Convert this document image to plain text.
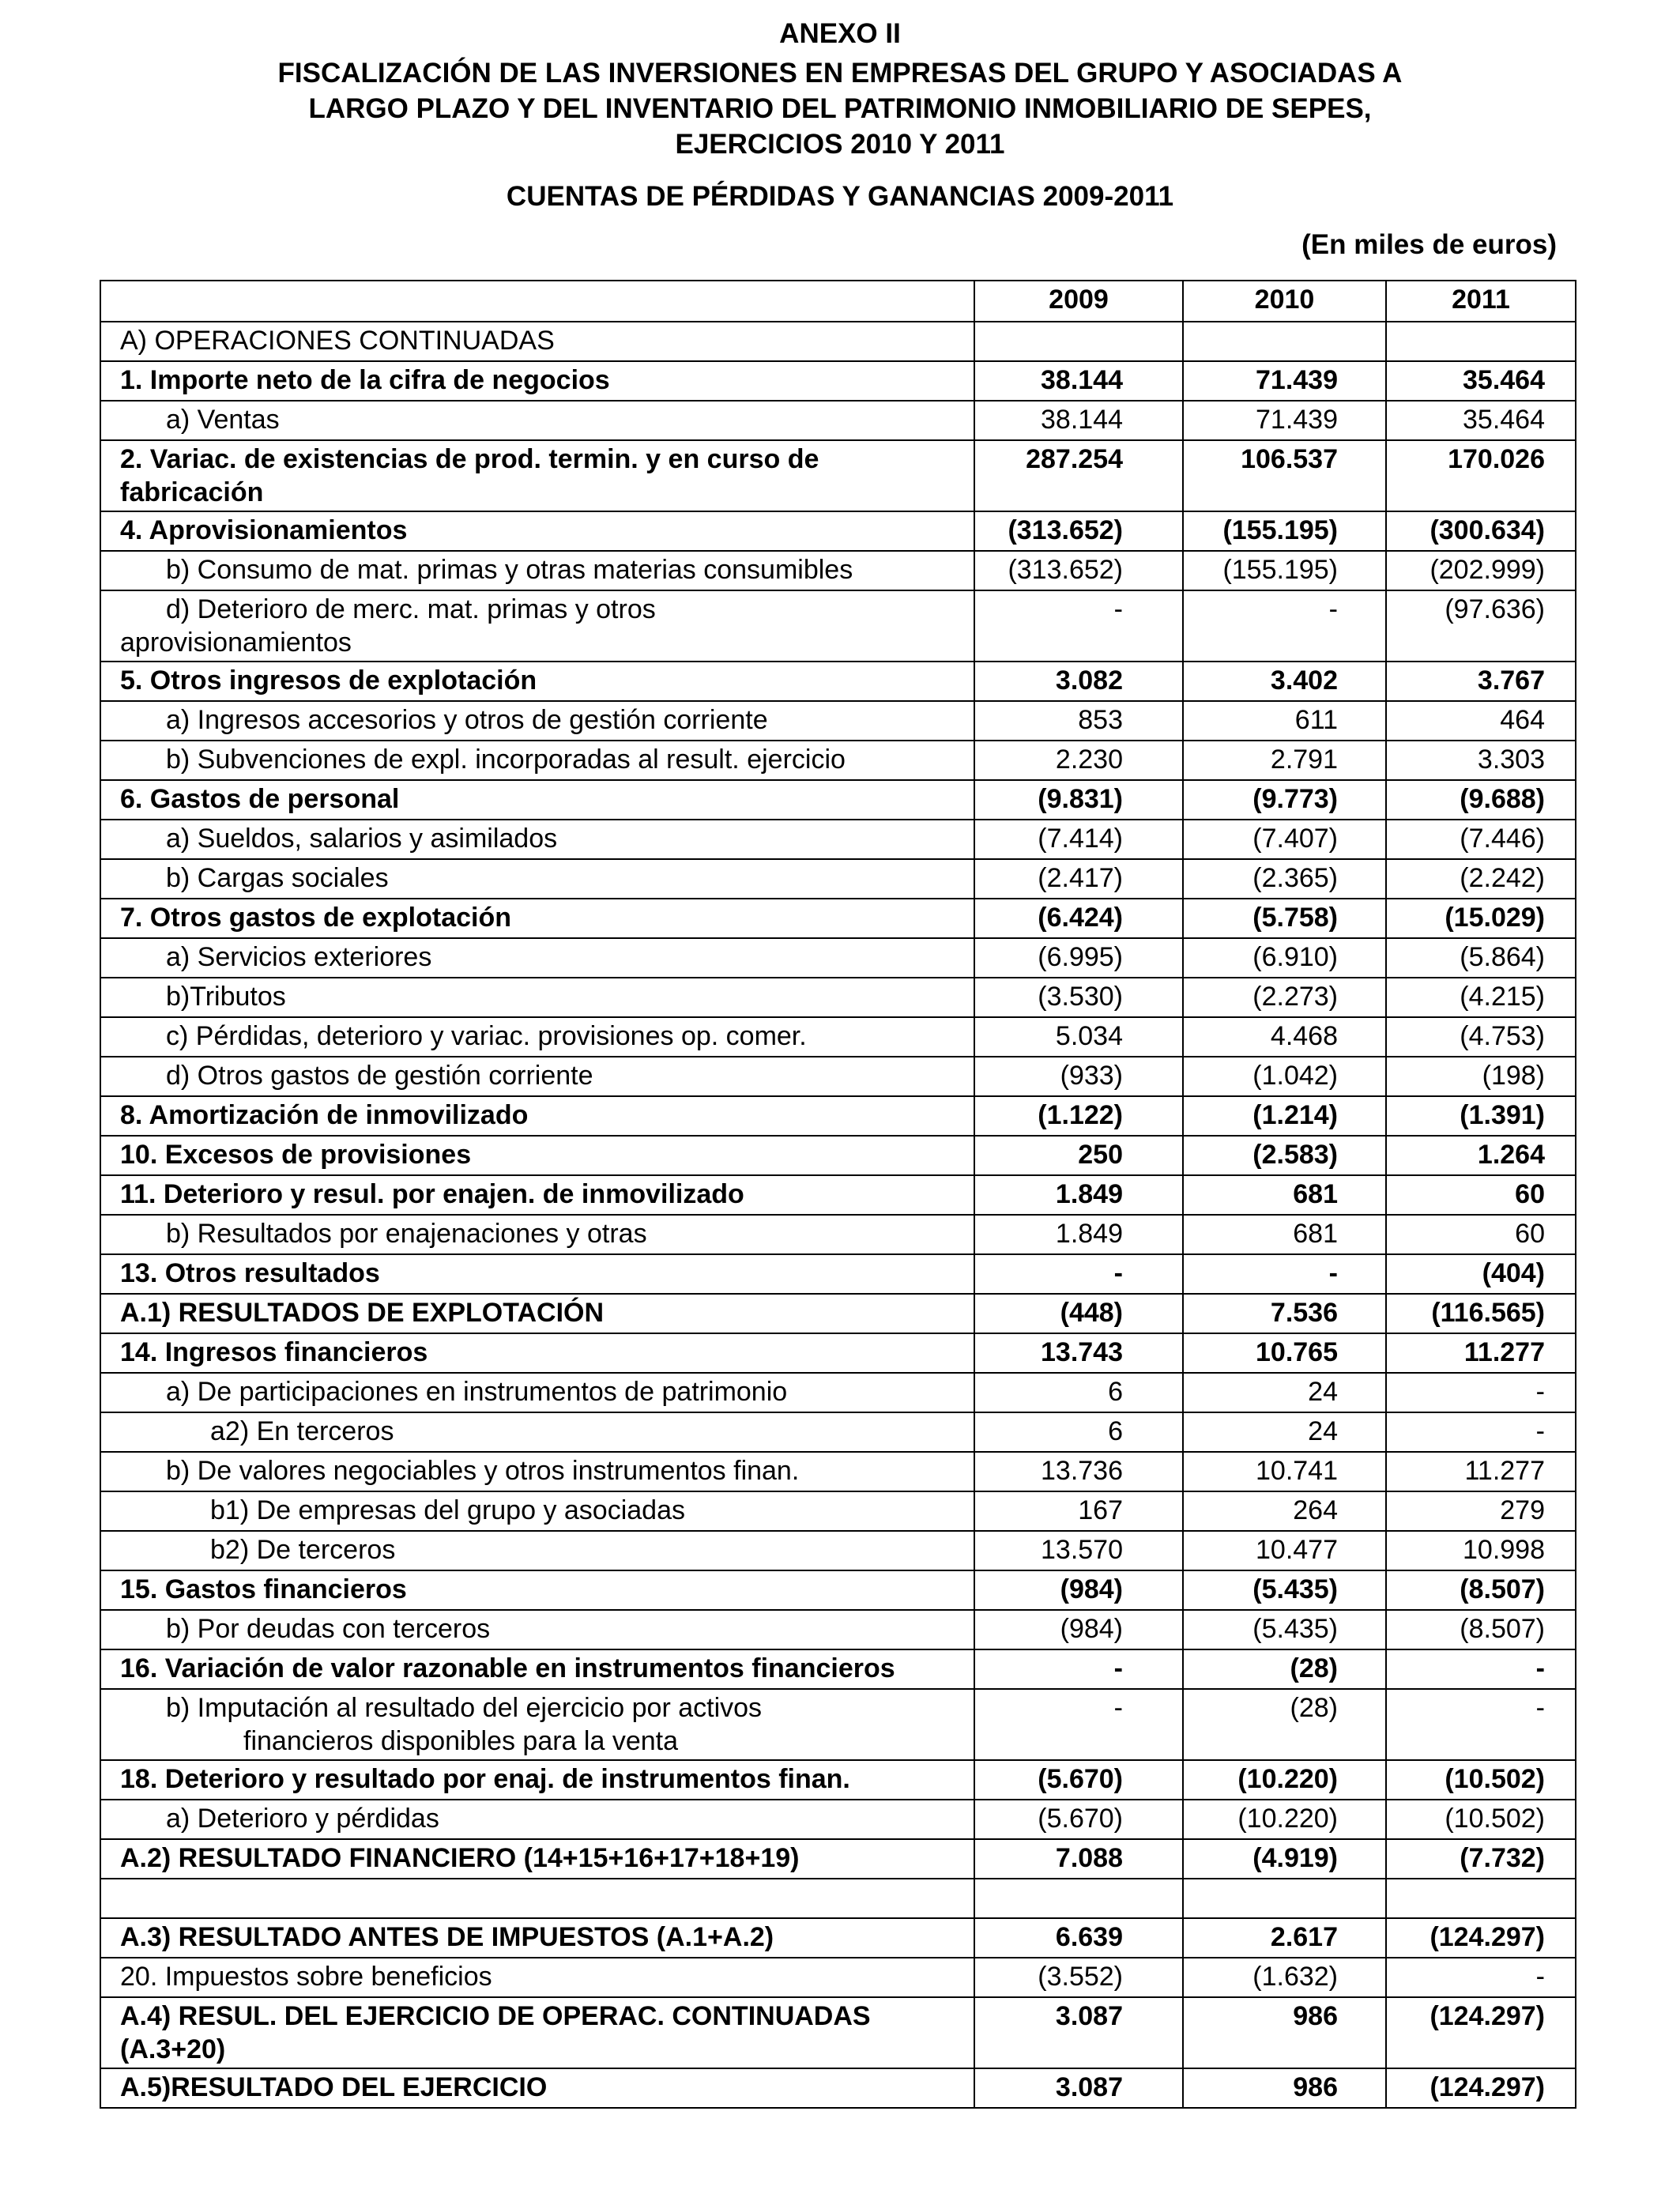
ANEXO II
FISCALIZACIÓN DE LAS INVERSIONES EN EMPRESAS DEL GRUPO Y ASOCIADAS A
LARGO PLAZO Y DEL INVENTARIO DEL PATRIMONIO INMOBILIARIO DE SEPES,
EJERCICIOS 2010 Y 2011
CUENTAS DE PÉRDIDAS Y GANANCIAS 2009-2011
(En miles de euros)
	2009	2010	2011
A) OPERACIONES CONTINUADAS			
1. Importe neto de la cifra de negocios	38.144	71.439	35.464
a) Ventas	38.144	71.439	35.464
2. Variac. de existencias de prod. termin. y en curso de fabricación	287.254	106.537	170.026
4. Aprovisionamientos	(313.652)	(155.195)	(300.634)
b) Consumo de mat. primas y otras materias consumibles	(313.652)	(155.195)	(202.999)
d) Deterioro de merc. mat. primas y otros
aprovisionamientos	-	-	(97.636)
5. Otros ingresos de explotación	3.082	3.402	3.767
a) Ingresos accesorios y otros de gestión corriente	853	611	464
b) Subvenciones de expl. incorporadas al result. ejercicio	2.230	2.791	3.303
6. Gastos de personal	(9.831)	(9.773)	(9.688)
a) Sueldos, salarios y asimilados	(7.414)	(7.407)	(7.446)
b) Cargas sociales	(2.417)	(2.365)	(2.242)
7. Otros gastos de explotación	(6.424)	(5.758)	(15.029)
a) Servicios exteriores	(6.995)	(6.910)	(5.864)
b)Tributos	(3.530)	(2.273)	(4.215)
c) Pérdidas, deterioro y variac. provisiones op. comer.	5.034	4.468	(4.753)
d) Otros gastos de gestión corriente	(933)	(1.042)	(198)
8. Amortización de inmovilizado	(1.122)	(1.214)	(1.391)
10. Excesos de provisiones	250	(2.583)	1.264
11. Deterioro y resul. por enajen. de inmovilizado	1.849	681	60
b) Resultados por enajenaciones y otras	1.849	681	60
13. Otros resultados	-	-	(404)
A.1) RESULTADOS DE EXPLOTACIÓN	(448)	7.536	(116.565)
14. Ingresos financieros	13.743	10.765	11.277
a) De participaciones en instrumentos de patrimonio	6	24	-
a2) En terceros	6	24	-
b) De valores negociables y otros instrumentos finan.	13.736	10.741	11.277
b1) De empresas del grupo y asociadas	167	264	279
b2) De terceros	13.570	10.477	10.998
15. Gastos financieros	(984)	(5.435)	(8.507)
b) Por deudas con terceros	(984)	(5.435)	(8.507)
16. Variación de valor razonable en instrumentos financieros	-	(28)	-
b) Imputación al resultado del ejercicio por activos
financieros disponibles para la venta	-	(28)	-
18. Deterioro y resultado por enaj. de instrumentos finan.	(5.670)	(10.220)	(10.502)
a) Deterioro y pérdidas	(5.670)	(10.220)	(10.502)
A.2) RESULTADO FINANCIERO (14+15+16+17+18+19)	7.088	(4.919)	(7.732)

A.3) RESULTADO ANTES DE IMPUESTOS (A.1+A.2)	6.639	2.617	(124.297)
20. Impuestos sobre beneficios	(3.552)	(1.632)	-
A.4) RESUL. DEL EJERCICIO DE OPERAC. CONTINUADAS (A.3+20)	3.087	986	(124.297)
A.5)RESULTADO DEL EJERCICIO	3.087	986	(124.297)
